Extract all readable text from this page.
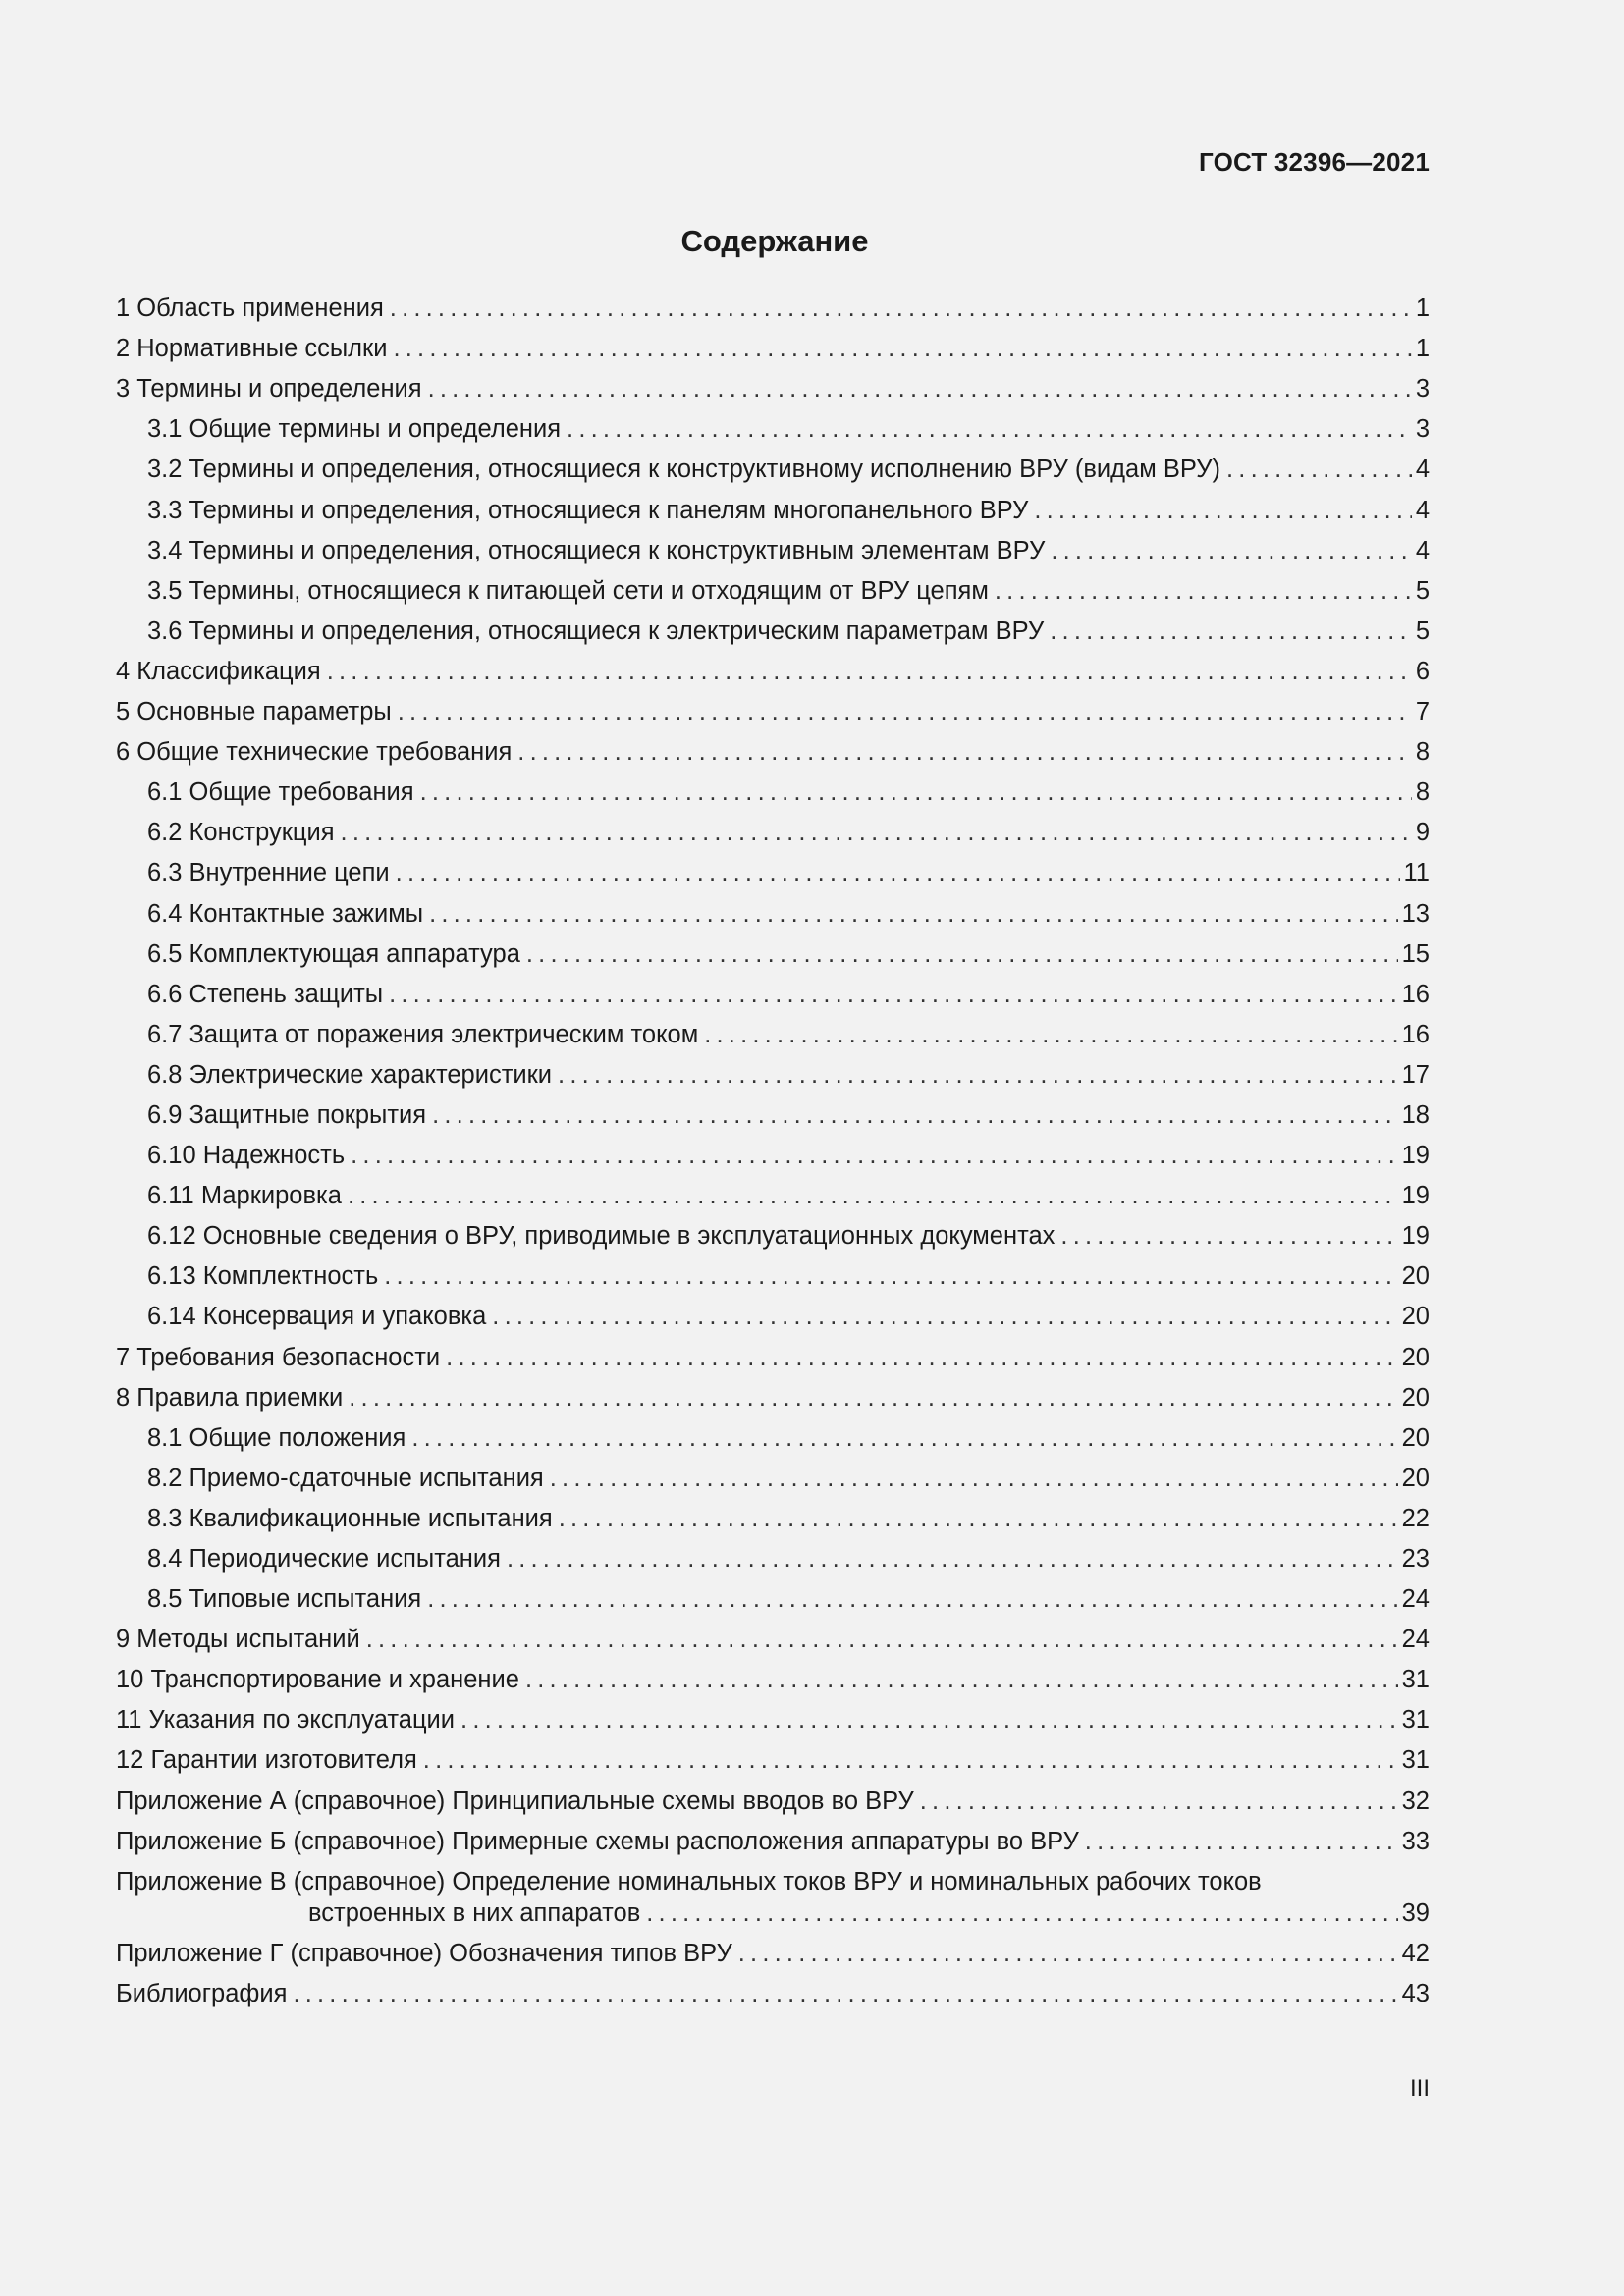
ГОСТ 32396—2021
Содержание
1 Область применения .....	1
2 Нормативные ссылки .....	1
3 Термины и определения .....	3
3.1 Общие термины и определения .....	3
3.2 Термины и определения, относящиеся к конструктивному исполнению ВРУ (видам ВРУ) .....	4
3.3 Термины и определения, относящиеся к панелям многопанельного ВРУ .....	4
3.4 Термины и определения, относящиеся к конструктивным элементам ВРУ .....	4
3.5 Термины, относящиеся к питающей сети и отходящим от ВРУ цепям .....	5
3.6 Термины и определения, относящиеся к электрическим параметрам ВРУ .....	5
4 Классификация .....	6
5 Основные параметры .....	7
6 Общие технические требования .....	8
6.1 Общие требования .....	8
6.2 Конструкция .....	9
6.3 Внутренние цепи .....	11
6.4 Контактные зажимы .....	13
6.5 Комплектующая аппаратура .....	15
6.6 Степень защиты .....	16
6.7 Защита от поражения электрическим током .....	16
6.8 Электрические характеристики .....	17
6.9 Защитные покрытия .....	18
6.10 Надежность .....	19
6.11 Маркировка .....	19
6.12 Основные сведения о ВРУ, приводимые в эксплуатационных документах .....	19
6.13 Комплектность .....	20
6.14 Консервация и упаковка .....	20
7 Требования безопасности .....	20
8 Правила приемки .....	20
8.1 Общие положения .....	20
8.2 Приемо-сдаточные испытания .....	20
8.3 Квалификационные испытания .....	22
8.4 Периодические испытания .....	23
8.5 Типовые испытания .....	24
9 Методы испытаний .....	24
10 Транспортирование и хранение .....	31
11 Указания по эксплуатации .....	31
12 Гарантии изготовителя .....	31
Приложение А (справочное) Принципиальные схемы вводов во ВРУ .....	32
Приложение Б (справочное) Примерные схемы расположения аппаратуры во ВРУ .....	33
Приложение В (справочное) Определение номинальных токов ВРУ и номинальных рабочих токов
встроенных в них аппаратов .....	39
Приложение Г (справочное) Обозначения типов ВРУ .....	42
Библиография .....	43
III
